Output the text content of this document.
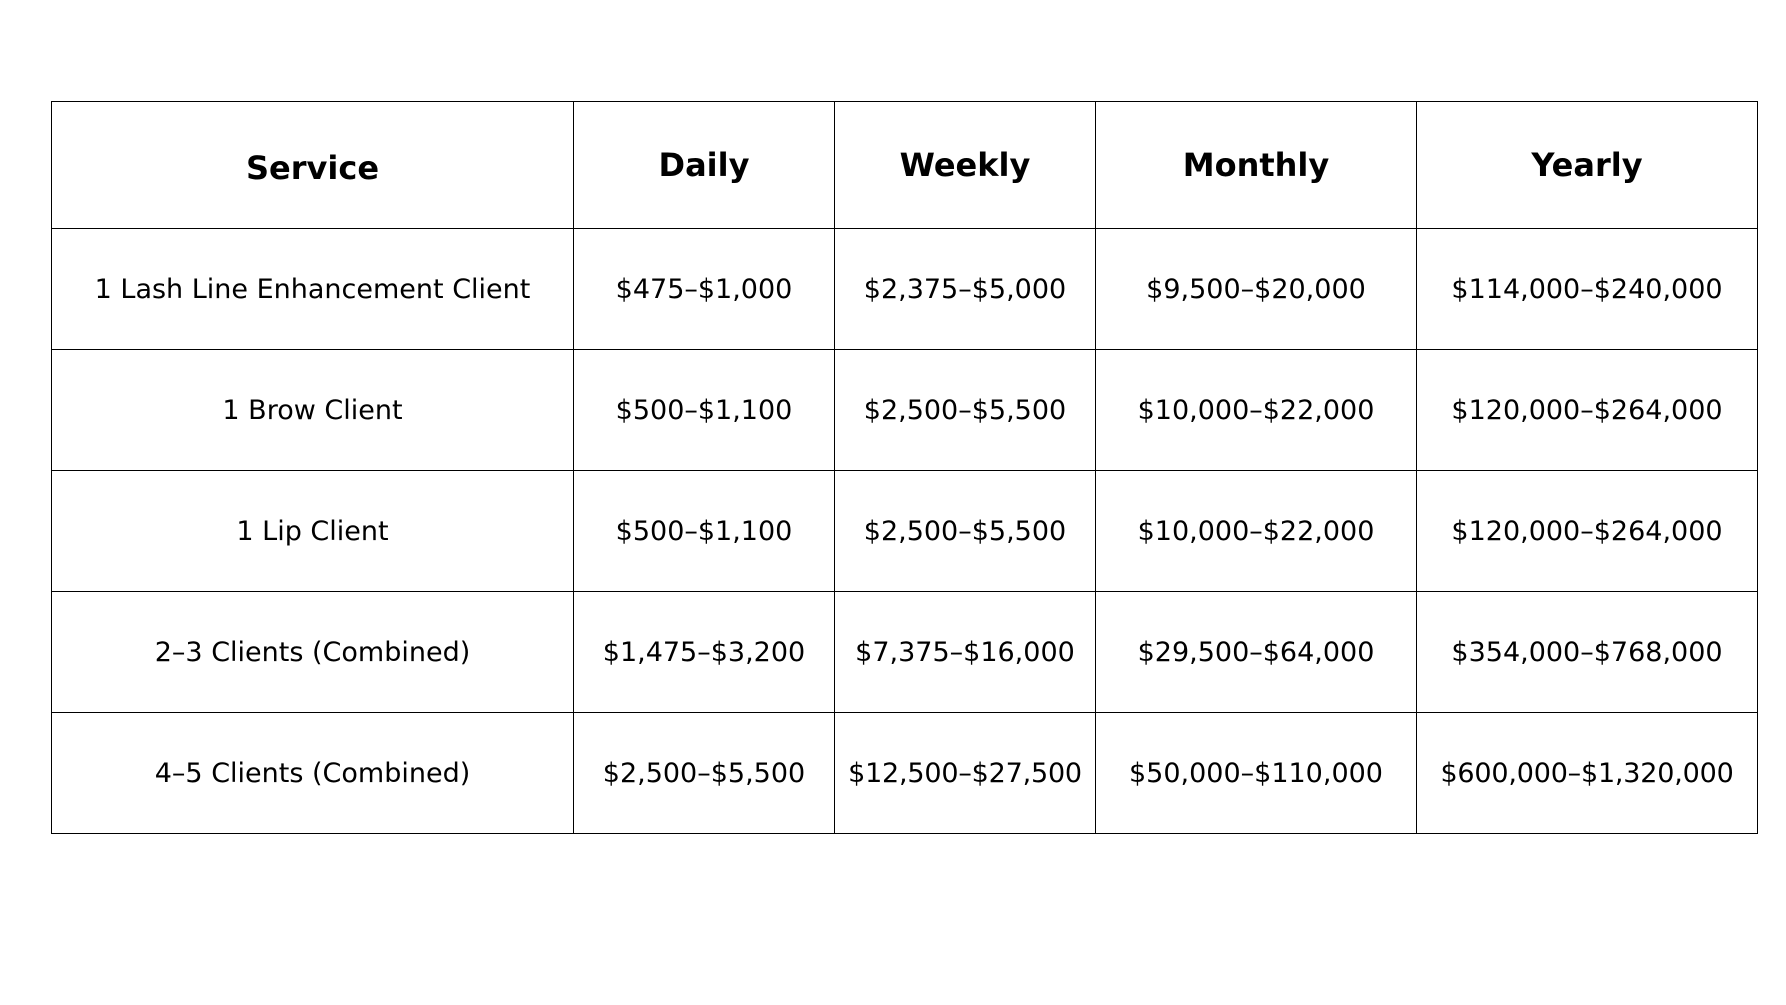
Service	Daily	Weekly	Monthly	Yearly
1 Lash Line Enhancement Client	$475–$1,000	$2,375–$5,000	$9,500–$20,000	$114,000–$240,000
1 Brow Client	$500–$1,100	$2,500–$5,500	$10,000–$22,000	$120,000–$264,000
1 Lip Client	$500–$1,100	$2,500–$5,500	$10,000–$22,000	$120,000–$264,000
2–3 Clients (Combined)	$1,475–$3,200	$7,375–$16,000	$29,500–$64,000	$354,000–$768,000
4–5 Clients (Combined)	$2,500–$5,500	$12,500–$27,500	$50,000–$110,000	$600,000–$1,320,000
